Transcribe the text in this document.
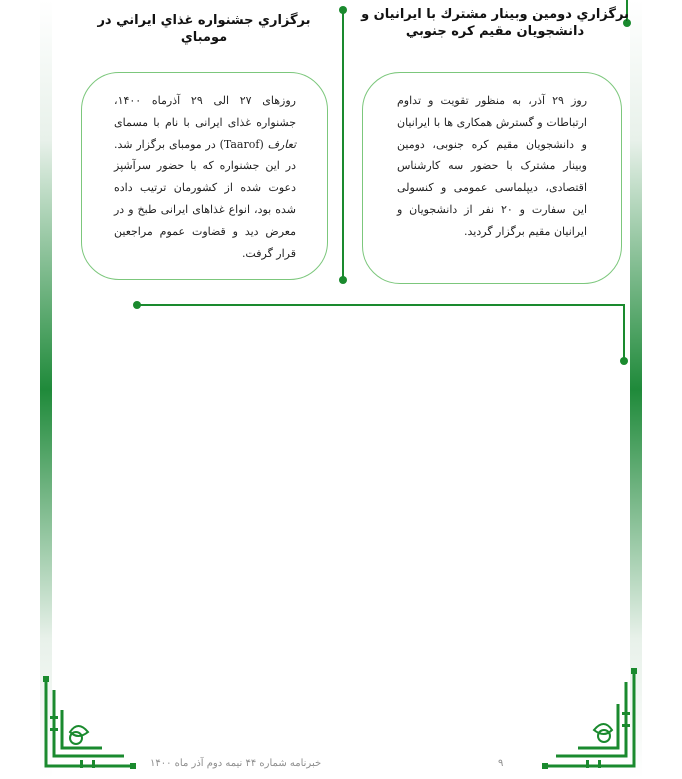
برگزاري دومين وبينار مشترك با ايرانيان و
دانشجويان مقيم كره جنوبي
روز ۲۹ آذر، به منظور تقویت و تداوم ارتباطات و گسترش همکاری ها با ایرانیان و دانشجویان مقیم کره جنوبی، دومین وبینار مشترک با حضور سه کارشناس اقتصادی، دیپلماسی عمومی و کنسولی این سفارت و ۲۰ نفر از دانشجویان و ایرانیان مقیم برگزار گردید.
برگزاري جشنواره غذاي ايراني در مومباي
روزهای ۲۷ الی ۲۹ آذرماه ۱۴۰۰، جشنواره غذای ایرانی با نام با مسمای تعارف (Taarof) در مومبای برگزار شد. در این جشنواره که با حضور سرآشپز دعوت شده از کشورمان ترتیب داده شده بود، انواع غذاهای ایرانی طبخ و در معرض دید و قضاوت عموم مراجعین قرار گرفت.
خبرنامه شماره ۴۴ نیمه دوم آذر ماه ۱۴۰۰	۹
